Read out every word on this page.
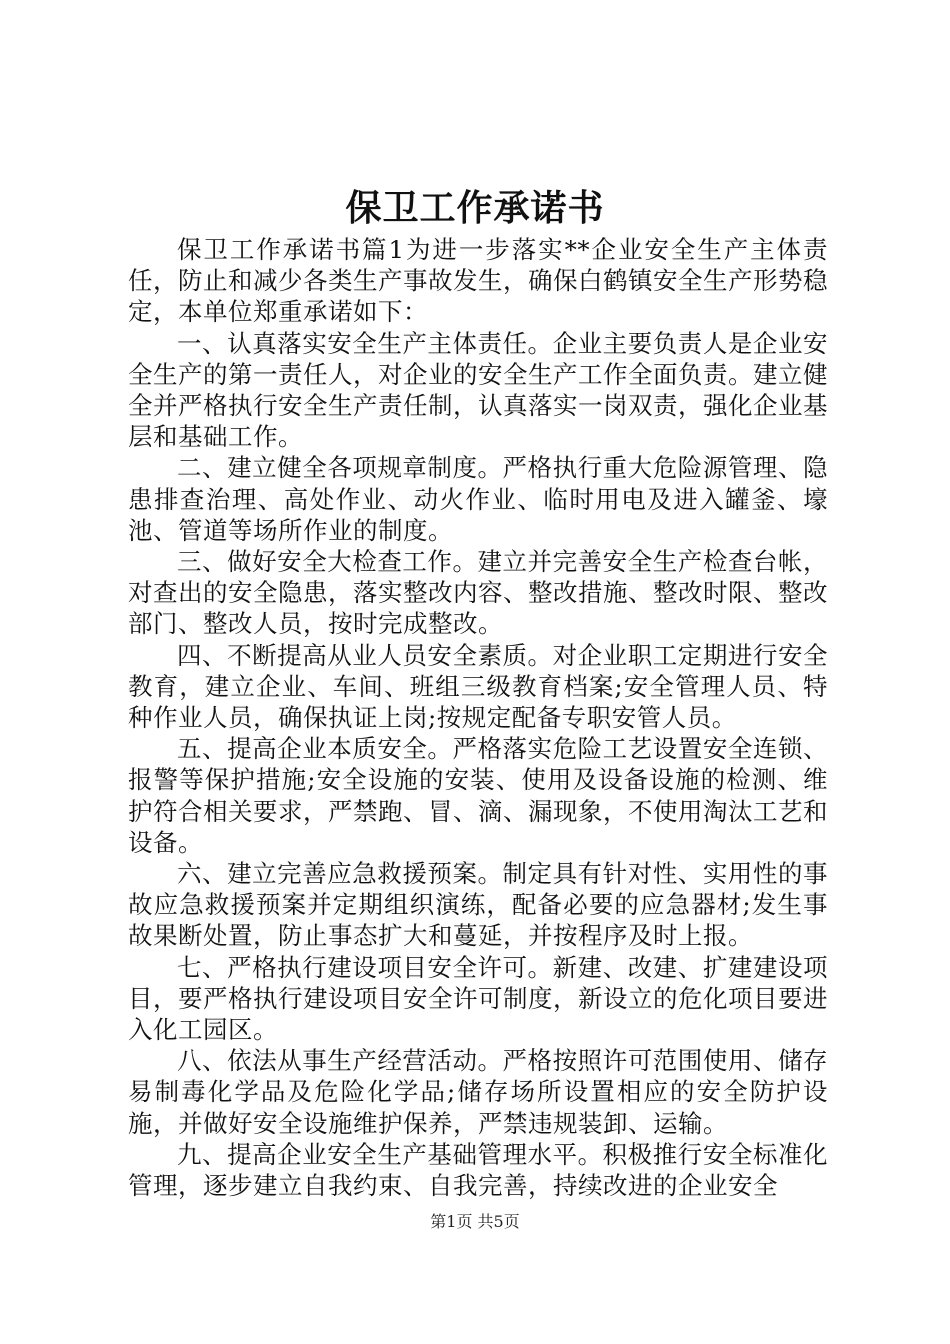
保卫工作承诺书

保卫工作承诺书篇1为进一步落实**企业安全生产主体责任，防止和减少各类生产事故发生，确保白鹤镇安全生产形势稳定，本单位郑重承诺如下：

一、认真落实安全生产主体责任。企业主要负责人是企业安全生产的第一责任人，对企业的安全生产工作全面负责。建立健全并严格执行安全生产责任制，认真落实一岗双责，强化企业基层和基础工作。

二、建立健全各项规章制度。严格执行重大危险源管理、隐患排查治理、高处作业、动火作业、临时用电及进入罐釜、壕池、管道等场所作业的制度。

三、做好安全大检查工作。建立并完善安全生产检查台帐，对查出的安全隐患，落实整改内容、整改措施、整改时限、整改部门、整改人员，按时完成整改。

四、不断提高从业人员安全素质。对企业职工定期进行安全教育，建立企业、车间、班组三级教育档案;安全管理人员、特种作业人员，确保执证上岗;按规定配备专职安管人员。

五、提高企业本质安全。严格落实危险工艺设置安全连锁、报警等保护措施;安全设施的安装、使用及设备设施的检测、维护符合相关要求，严禁跑、冒、滴、漏现象，不使用淘汰工艺和设备。

六、建立完善应急救援预案。制定具有针对性、实用性的事故应急救援预案并定期组织演练，配备必要的应急器材;发生事故果断处置，防止事态扩大和蔓延，并按程序及时上报。

七、严格执行建设项目安全许可。新建、改建、扩建建设项目，要严格执行建设项目安全许可制度，新设立的危化项目要进入化工园区。

八、依法从事生产经营活动。严格按照许可范围使用、储存易制毒化学品及危险化学品;储存场所设置相应的安全防护设施，并做好安全设施维护保养，严禁违规装卸、运输。

九、提高企业安全生产基础管理水平。积极推行安全标准化管理，逐步建立自我约束、自我完善，持续改进的企业安全

第1页 共5页
